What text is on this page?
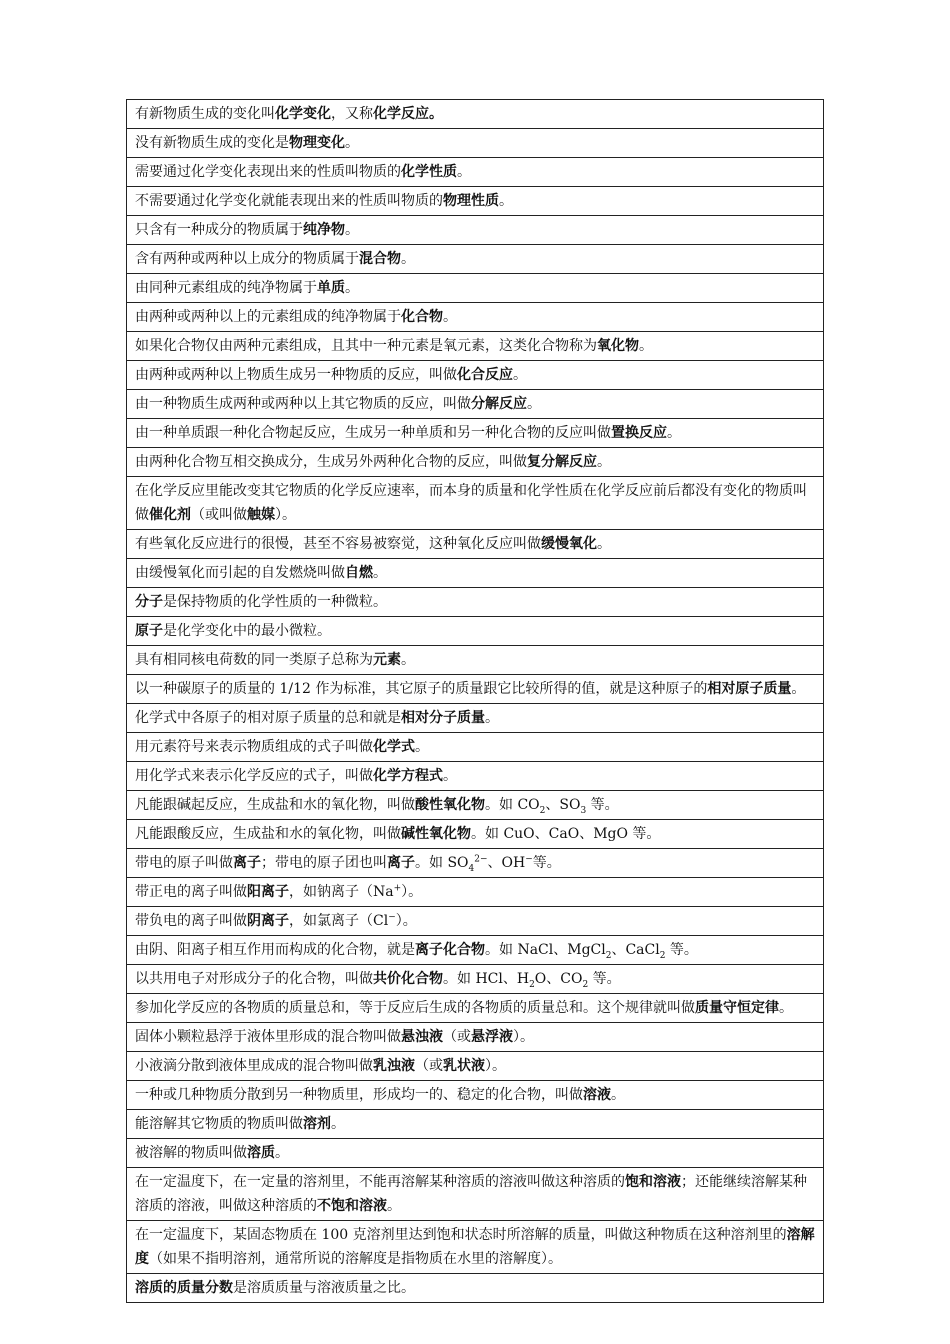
有新物质生成的变化叫化学变化，又称化学反应。
没有新物质生成的变化是物理变化。
需要通过化学变化表现出来的性质叫物质的化学性质。
不需要通过化学变化就能表现出来的性质叫物质的物理性质。
只含有一种成分的物质属于纯净物。
含有两种或两种以上成分的物质属于混合物。
由同种元素组成的纯净物属于单质。
由两种或两种以上的元素组成的纯净物属于化合物。
如果化合物仅由两种元素组成，且其中一种元素是氧元素，这类化合物称为氧化物。
由两种或两种以上物质生成另一种物质的反应，叫做化合反应。
由一种物质生成两种或两种以上其它物质的反应，叫做分解反应。
由一种单质跟一种化合物起反应，生成另一种单质和另一种化合物的反应叫做置换反应。
由两种化合物互相交换成分，生成另外两种化合物的反应，叫做复分解反应。
在化学反应里能改变其它物质的化学反应速率，而本身的质量和化学性质在化学反应前后都没有变化的物质叫做催化剂（或叫做触媒）。
有些氧化反应进行的很慢，甚至不容易被察觉，这种氧化反应叫做缓慢氧化。
由缓慢氧化而引起的自发燃烧叫做自燃。
分子是保持物质的化学性质的一种微粒。
原子是化学变化中的最小微粒。
具有相同核电荷数的同一类原子总称为元素。
以一种碳原子的质量的 1/12 作为标准，其它原子的质量跟它比较所得的值，就是这种原子的相对原子质量。
化学式中各原子的相对原子质量的总和就是相对分子质量。
用元素符号来表示物质组成的式子叫做化学式。
用化学式来表示化学反应的式子，叫做化学方程式。
凡能跟碱起反应，生成盐和水的氧化物，叫做酸性氧化物。如 $CO_2$、$SO_3$ 等。
凡能跟酸反应，生成盐和水的氧化物，叫做碱性氧化物。如 CuO、CaO、MgO 等。
带电的原子叫做离子；带电的原子团也叫离子。如 $SO_4^{2-}$、OH−等。
带正电的离子叫做阳离子，如钠离子（Na+）。
带负电的离子叫做阴离子，如氯离子（Cl−）。
由阴、阳离子相互作用而构成的化合物，就是离子化合物。如 NaCl、MgCl$_2$、CaCl$_2$ 等。
以共用电子对形成分子的化合物，叫做共价化合物。如 HCl、$H_2O$、$CO_2$ 等。
参加化学反应的各物质的质量总和，等于反应后生成的各物质的质量总和。这个规律就叫做质量守恒定律。
固体小颗粒悬浮于液体里形成的混合物叫做悬浊液（或悬浮液）。
小液滴分散到液体里成成的混合物叫做乳浊液（或乳状液）。
一种或几种物质分散到另一种物质里，形成均一的、稳定的化合物，叫做溶液。
能溶解其它物质的物质叫做溶剂。
被溶解的物质叫做溶质。
在一定温度下，在一定量的溶剂里，不能再溶解某种溶质的溶液叫做这种溶质的饱和溶液；还能继续溶解某种溶质的溶液，叫做这种溶质的不饱和溶液。
在一定温度下，某固态物质在 100 克溶剂里达到饱和状态时所溶解的质量，叫做这种物质在这种溶剂里的溶解度（如果不指明溶剂，通常所说的溶解度是指物质在水里的溶解度）。
溶质的质量分数是溶质质量与溶液质量之比。
